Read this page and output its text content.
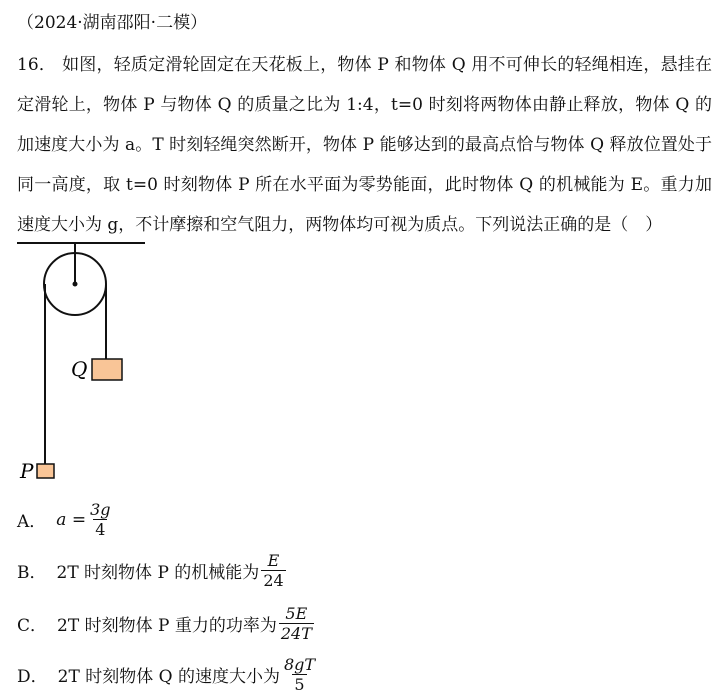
（2024·湖南邵阳·二模）
16． 如图，轻质定滑轮固定在天花板上，物体 P 和物体 Q 用不可伸长的轻绳相连，悬挂在定滑轮上，物体 P 与物体 Q 的质量之比为 1:4，t=0 时刻将两物体由静止释放，物体 Q 的加速度大小为 a。T 时刻轻绳突然断开，物体 P 能够达到的最高点恰与物体 Q 释放位置处于同一高度，取 t=0 时刻物体 P 所在水平面为零势能面，此时物体 Q 的机械能为 E。重力加速度大小为 g，不计摩擦和空气阻力，两物体均可视为质点。下列说法正确的是（　）
Q
P
A． $a = \frac{3g}{4}$
B． 2T 时刻物体 P 的机械能为 $\frac{E}{24}$
C． 2T 时刻物体 P 重力的功率为 $\frac{5E}{24T}$
D． 2T 时刻物体 Q 的速度大小为 $\frac{8gT}{5}$
